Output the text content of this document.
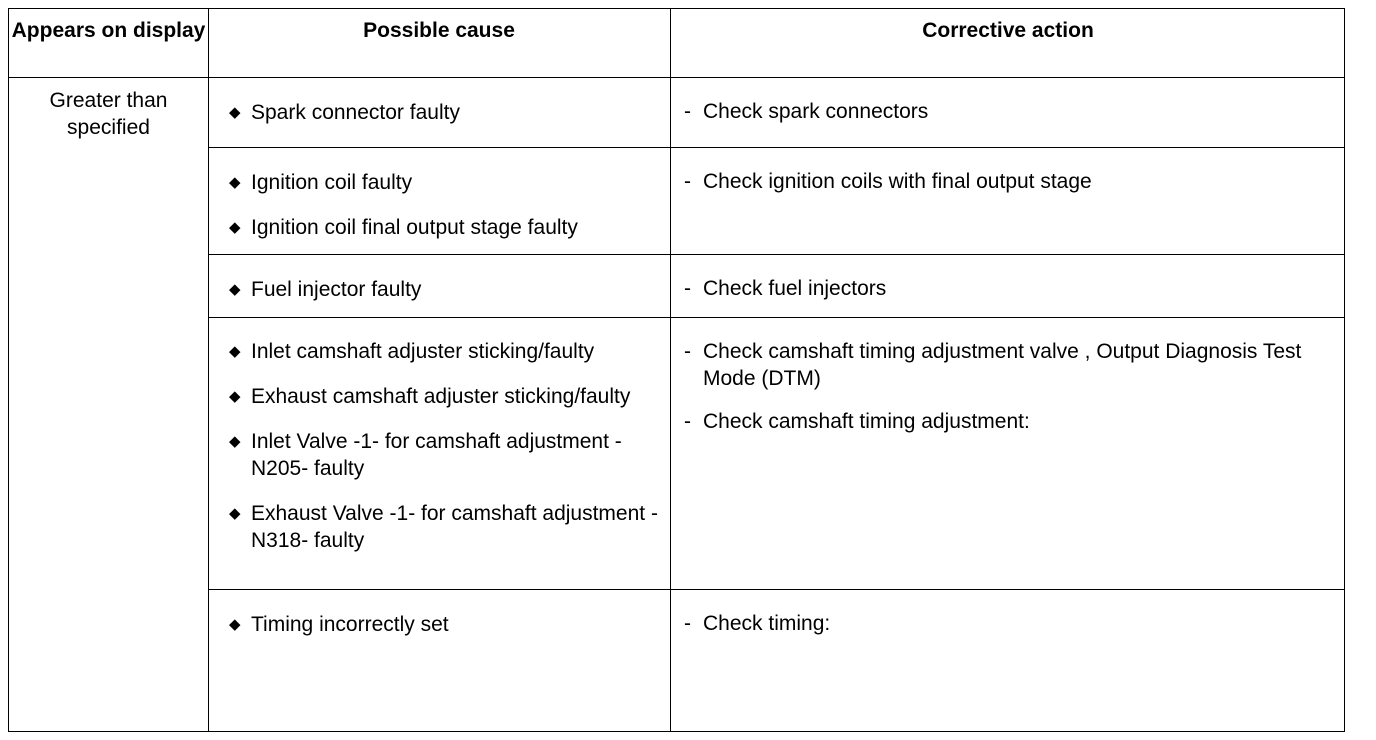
Appears on display	Possible cause	Corrective action
Greater than specified
◆ Spark connector faulty
◆ Ignition coil faulty
◆ Ignition coil final output stage faulty
◆ Fuel injector faulty
◆ Inlet camshaft adjuster sticking/faulty
◆ Exhaust camshaft adjuster sticking/faulty
◆ Inlet Valve -1- for camshaft adjustment -N205- faulty
◆ Exhaust Valve -1- for camshaft adjustment -N318- faulty
◆ Timing incorrectly set
- Check spark connectors
- Check ignition coils with final output stage
- Check fuel injectors
- Check camshaft timing adjustment valve , Output Diagnosis Test Mode (DTM)
- Check camshaft timing adjustment:
- Check timing:
